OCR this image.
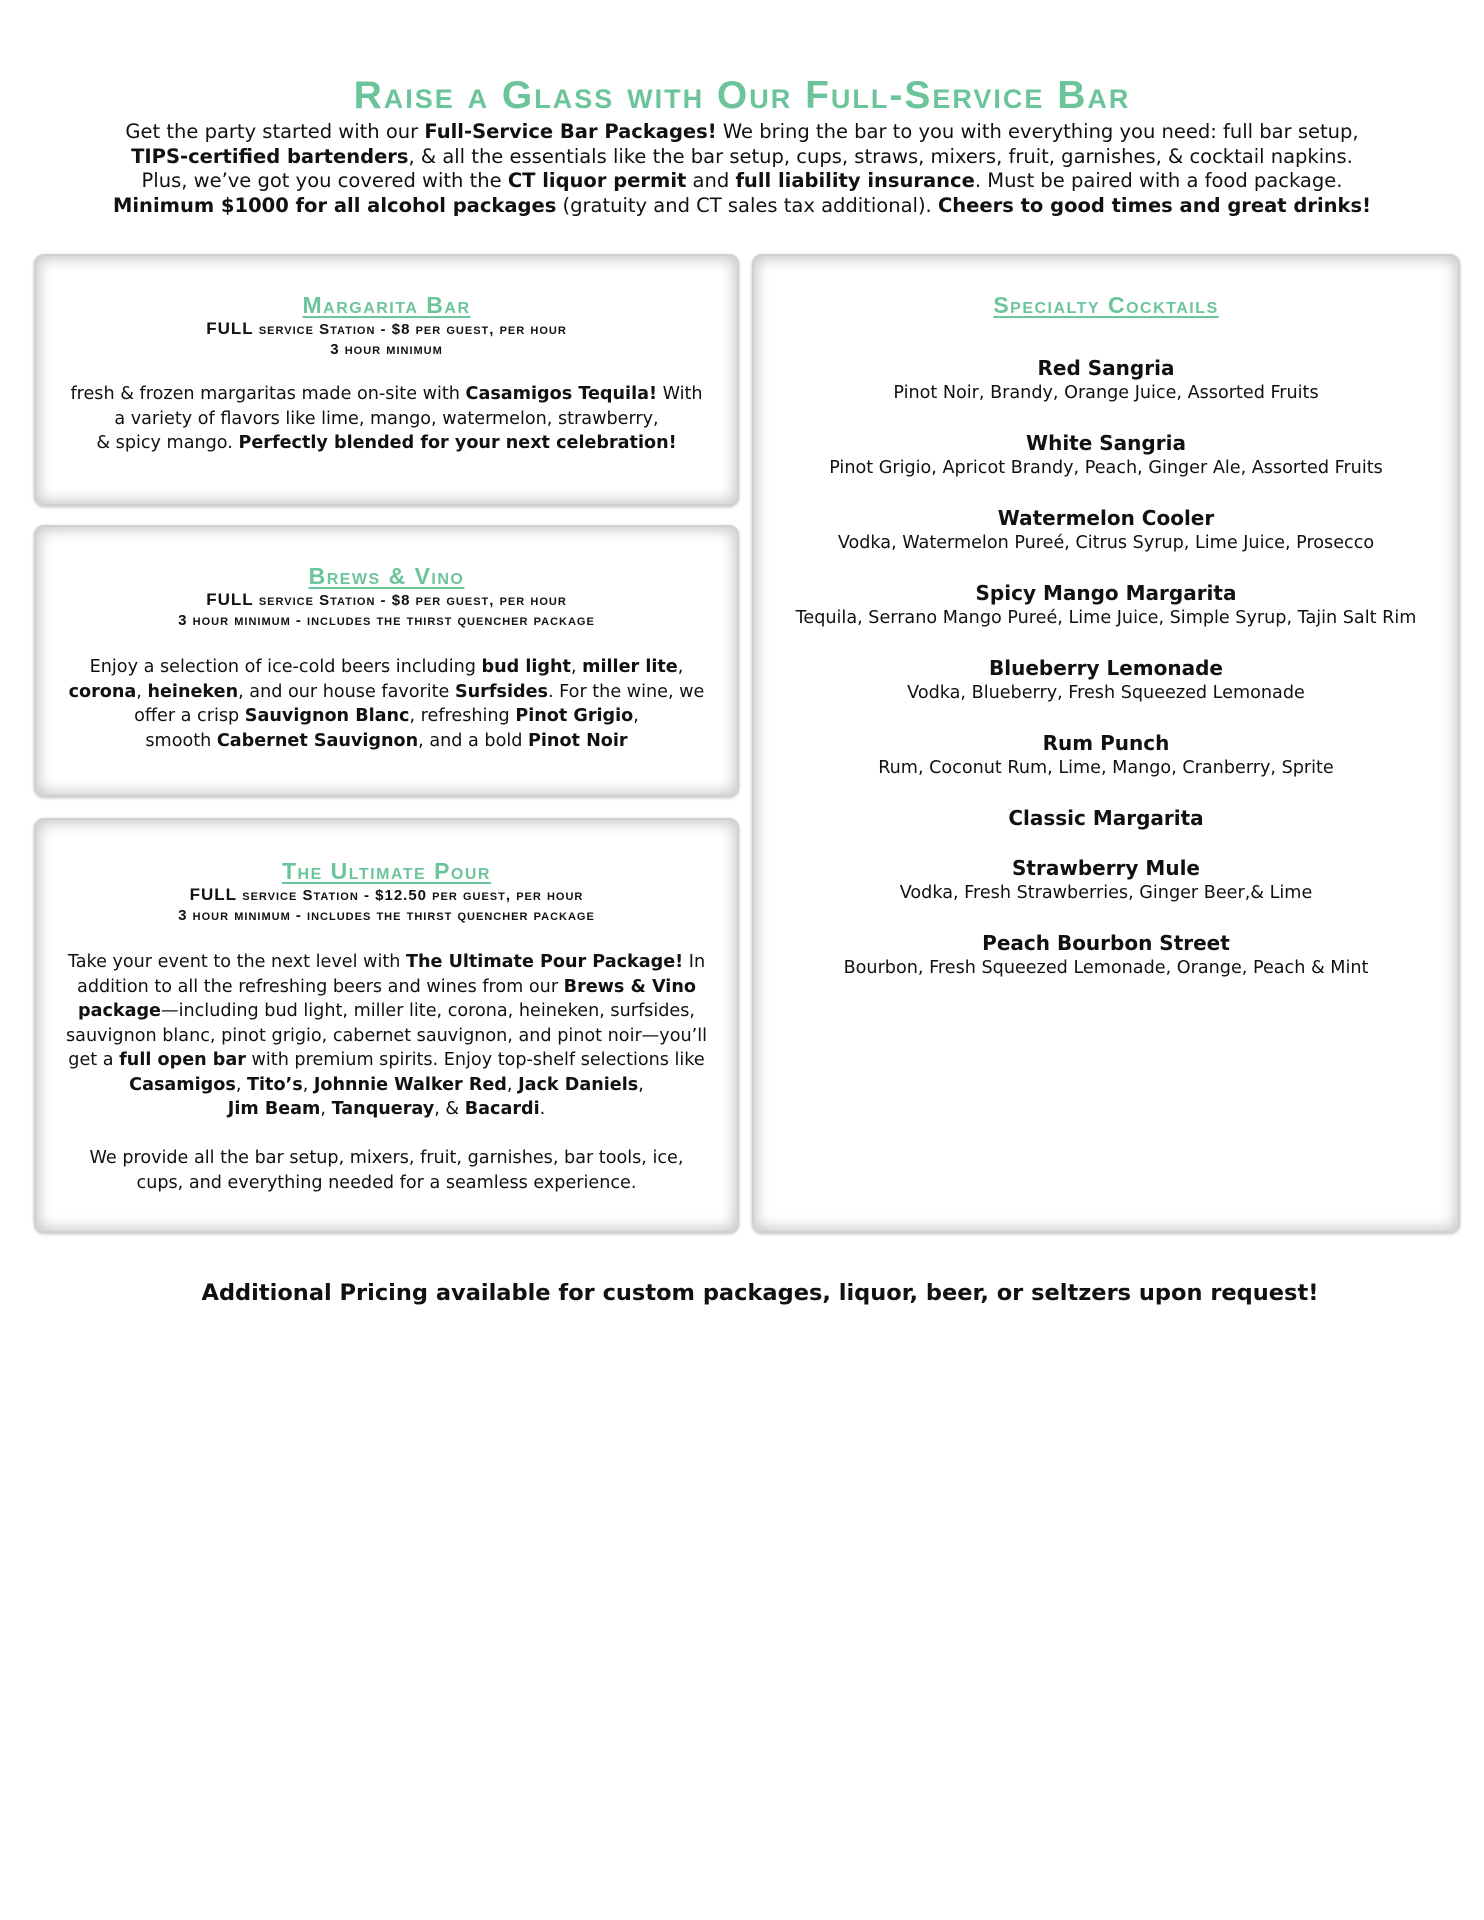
Raise a Glass with Our Full-Service Bar
Get the party started with our Full-Service Bar Packages! We bring the bar to you with everything you need: full bar setup,
TIPS-certified bartenders, & all the essentials like the bar setup, cups, straws, mixers, fruit, garnishes, & cocktail napkins.
Plus, we’ve got you covered with the CT liquor permit and full liability insurance. Must be paired with a food package.
Minimum $1000 for all alcohol packages (gratuity and CT sales tax additional). Cheers to good times and great drinks!
Margarita Bar
FULL service Station - $8 per guest, per hour
3 hour minimum
fresh & frozen margaritas made on-site with Casamigos Tequila! With a variety of flavors like lime, mango, watermelon, strawberry,
& spicy mango. Perfectly blended for your next celebration!
Brews & Vino
FULL service Station - $8 per guest, per hour
3 hour minimum - includes the thirst quencher package
Enjoy a selection of ice-cold beers including bud light, miller lite, corona, heineken, and our house favorite Surfsides. For the wine, we offer a crisp Sauvignon Blanc, refreshing Pinot Grigio,
smooth Cabernet Sauvignon, and a bold Pinot Noir
The Ultimate Pour
FULL service Station - $12.50 per guest, per hour
3 hour minimum - includes the thirst quencher package
Take your event to the next level with The Ultimate Pour Package! In addition to all the refreshing beers and wines from our Brews & Vino package—including bud light, miller lite, corona, heineken, surfsides, sauvignon blanc, pinot grigio, cabernet sauvignon, and pinot noir—you’ll get a full open bar with premium spirits. Enjoy top-shelf selections like Casamigos, Tito’s, Johnnie Walker Red, Jack Daniels,
Jim Beam, Tanqueray, & Bacardi.
We provide all the bar setup, mixers, fruit, garnishes, bar tools, ice, cups, and everything needed for a seamless experience.
Specialty Cocktails
Red Sangria
Pinot Noir, Brandy, Orange Juice, Assorted Fruits
White Sangria
Pinot Grigio, Apricot Brandy, Peach, Ginger Ale, Assorted Fruits
Watermelon Cooler
Vodka, Watermelon Pureé, Citrus Syrup, Lime Juice, Prosecco
Spicy Mango Margarita
Tequila, Serrano Mango Pureé, Lime Juice, Simple Syrup, Tajin Salt Rim
Blueberry Lemonade
Vodka, Blueberry, Fresh Squeezed Lemonade
Rum Punch
Rum, Coconut Rum, Lime, Mango, Cranberry, Sprite
Classic Margarita
Strawberry Mule
Vodka, Fresh Strawberries, Ginger Beer,& Lime
Peach Bourbon Street
Bourbon, Fresh Squeezed Lemonade, Orange, Peach & Mint
Additional Pricing available for custom packages, liquor, beer, or seltzers upon request!
